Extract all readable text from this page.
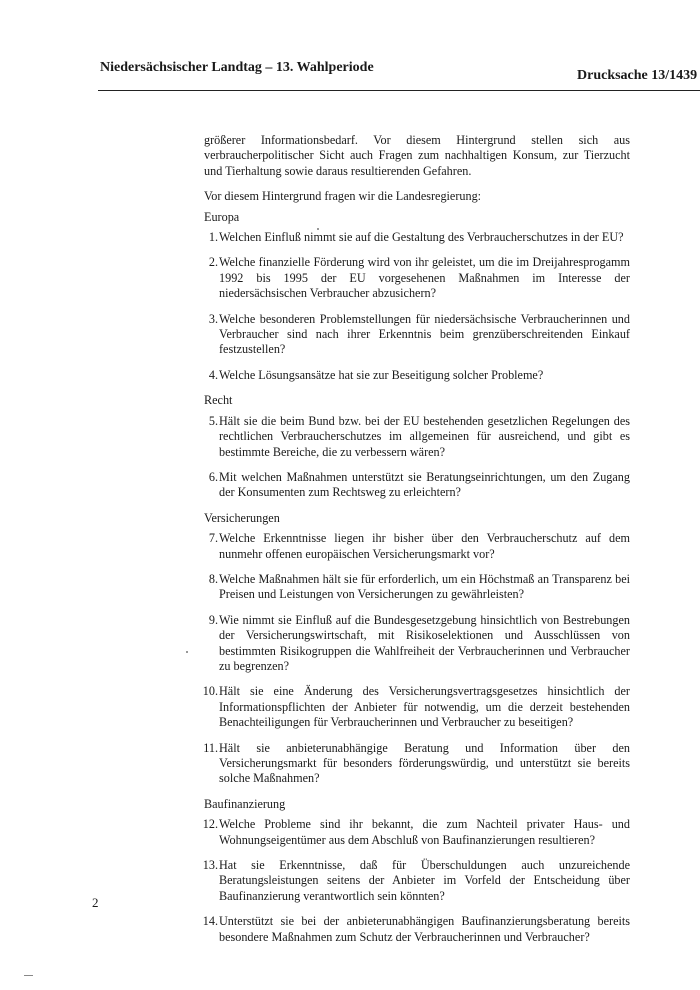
Niedersächsischer Landtag – 13. Wahlperiode
Drucksache 13/1439

größerer Informationsbedarf. Vor diesem Hintergrund stellen sich aus verbraucherpolitischer Sicht auch Fragen zum nachhaltigen Konsum, zur Tierzucht und Tierhaltung sowie daraus resultierenden Gefahren.

Vor diesem Hintergrund fragen wir die Landesregierung:

Europa
1. Welchen Einfluß nimmt sie auf die Gestaltung des Verbraucherschutzes in der EU?
2. Welche finanzielle Förderung wird von ihr geleistet, um die im Dreijahresprogamm 1992 bis 1995 der EU vorgesehenen Maßnahmen im Interesse der niedersächsischen Verbraucher abzusichern?
3. Welche besonderen Problemstellungen für niedersächsische Verbraucherinnen und Verbraucher sind nach ihrer Erkenntnis beim grenzüberschreitenden Einkauf festzustellen?
4. Welche Lösungsansätze hat sie zur Beseitigung solcher Probleme?
Recht
5. Hält sie die beim Bund bzw. bei der EU bestehenden gesetzlichen Regelungen des rechtlichen Verbraucherschutzes im allgemeinen für ausreichend, und gibt es bestimmte Bereiche, die zu verbessern wären?
6. Mit welchen Maßnahmen unterstützt sie Beratungseinrichtungen, um den Zugang der Konsumenten zum Rechtsweg zu erleichtern?
Versicherungen
7. Welche Erkenntnisse liegen ihr bisher über den Verbraucherschutz auf dem nunmehr offenen europäischen Versicherungsmarkt vor?
8. Welche Maßnahmen hält sie für erforderlich, um ein Höchstmaß an Transparenz bei Preisen und Leistungen von Versicherungen zu gewährleisten?
9. Wie nimmt sie Einfluß auf die Bundesgesetzgebung hinsichtlich von Bestrebungen der Versicherungswirtschaft, mit Risikoselektionen und Ausschlüssen von bestimmten Risikogruppen die Wahlfreiheit der Verbraucherinnen und Verbraucher zu begrenzen?
10. Hält sie eine Änderung des Versicherungsvertragsgesetzes hinsichtlich der Informationspflichten der Anbieter für notwendig, um die derzeit bestehenden Benachteiligungen für Verbraucherinnen und Verbraucher zu beseitigen?
11. Hält sie anbieterunabhängige Beratung und Information über den Versicherungsmarkt für besonders förderungswürdig, und unterstützt sie bereits solche Maßnahmen?
Baufinanzierung
12. Welche Probleme sind ihr bekannt, die zum Nachteil privater Haus- und Wohnungseigentümer aus dem Abschluß von Baufinanzierungen resultieren?
13. Hat sie Erkenntnisse, daß für Überschuldungen auch unzureichende Beratungsleistungen seitens der Anbieter im Vorfeld der Entscheidung über Baufinanzierung verantwortlich sein könnten?
14. Unterstützt sie bei der anbieterunabhängigen Baufinanzierungsberatung bereits besondere Maßnahmen zum Schutz der Verbraucherinnen und Verbraucher?
2
